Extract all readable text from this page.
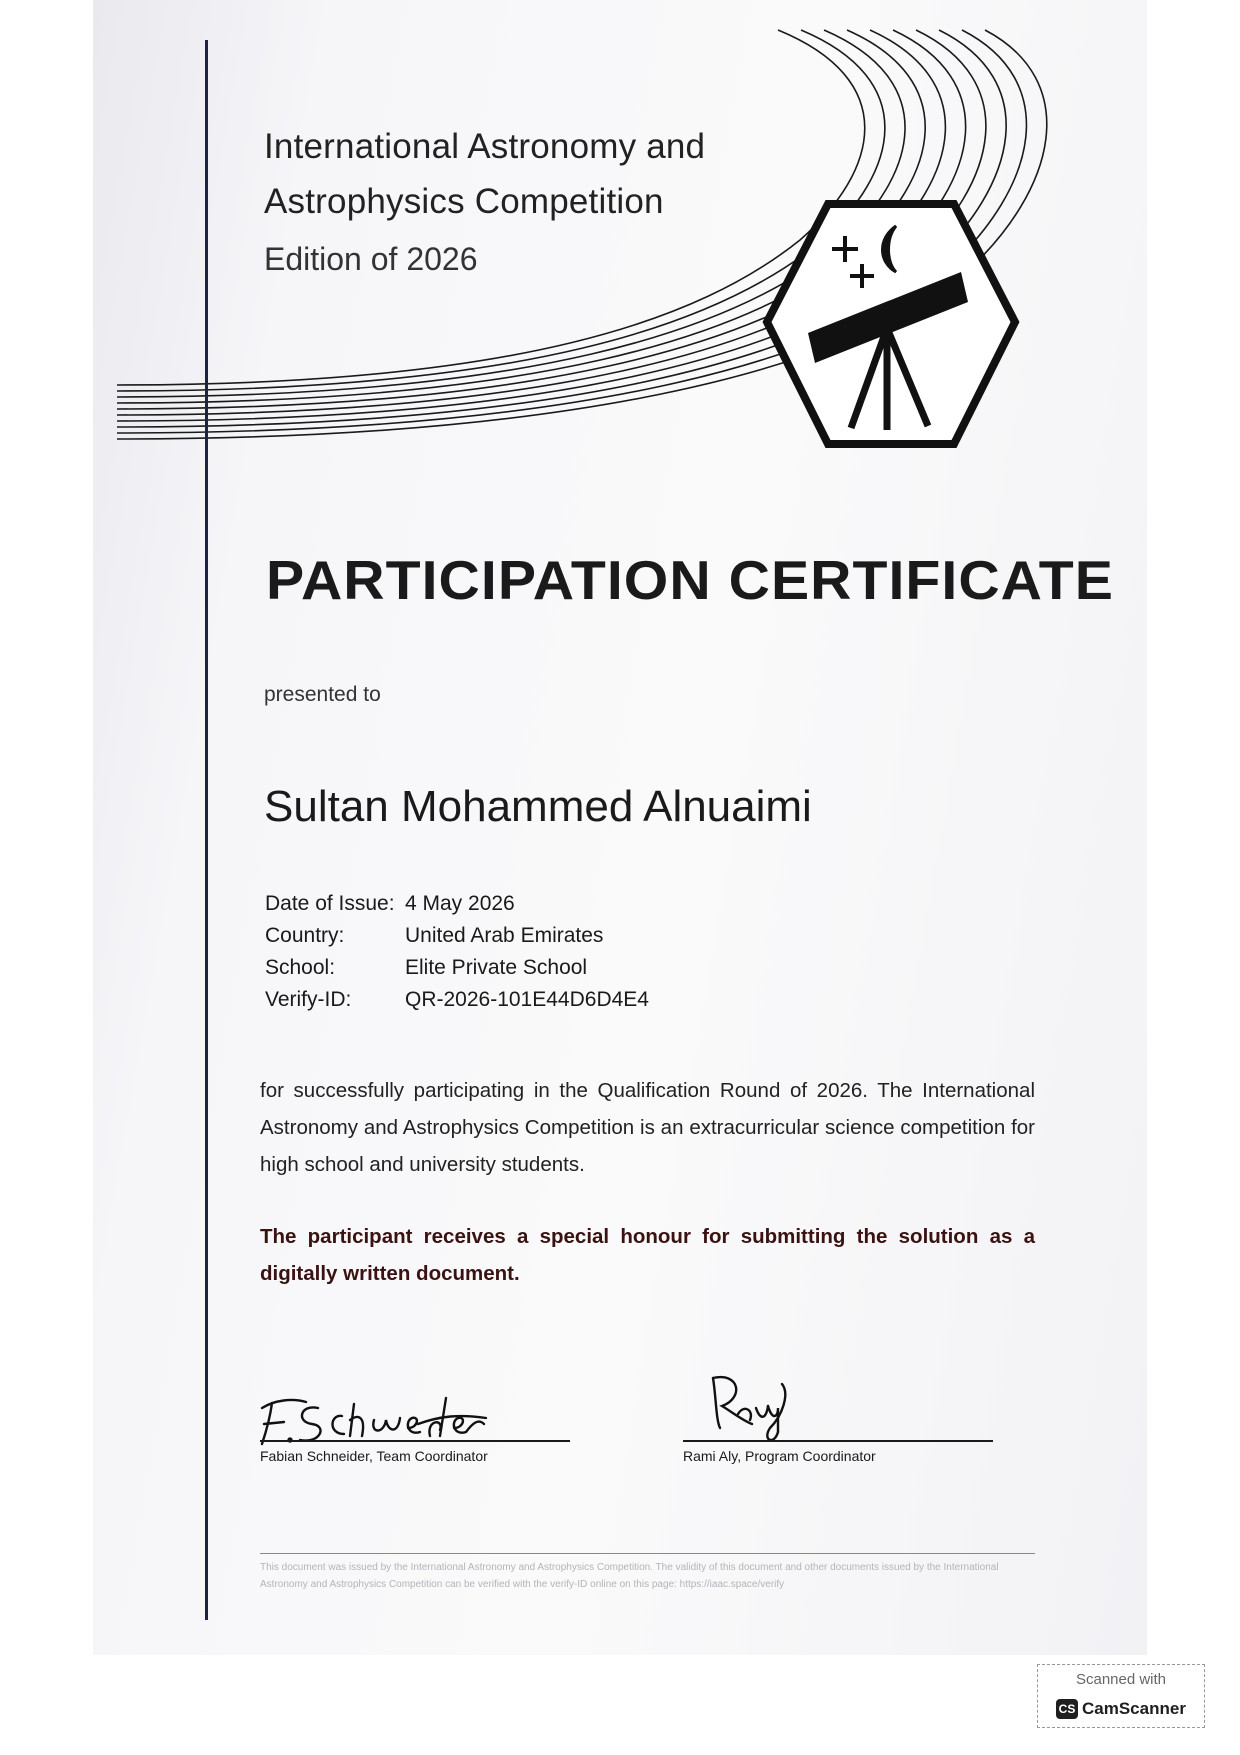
International Astronomy and
Astrophysics Competition
Edition of 2026
PARTICIPATION CERTIFICATE
presented to
Sultan Mohammed Alnuaimi
Date of Issue: 4 May 2026
Country:	United Arab Emirates
School:	Elite Private School
Verify-ID:	QR-2026-101E44D6D4E4
for successfully participating in the Qualification Round of 2026. The International Astronomy and Astrophysics Competition is an extracurricular science competition for high school and university students.
The participant receives a special honour for submitting the solution as a digitally written document.
Fabian Schneider, Team Coordinator	Rami Aly, Program Coordinator
This document was issued by the International Astronomy and Astrophysics Competition. The validity of this document and other documents issued by the International Astronomy and Astrophysics Competition can be verified with the verify-ID online on this page: https://iaac.space/verify
Scanned with
CS CamScanner
